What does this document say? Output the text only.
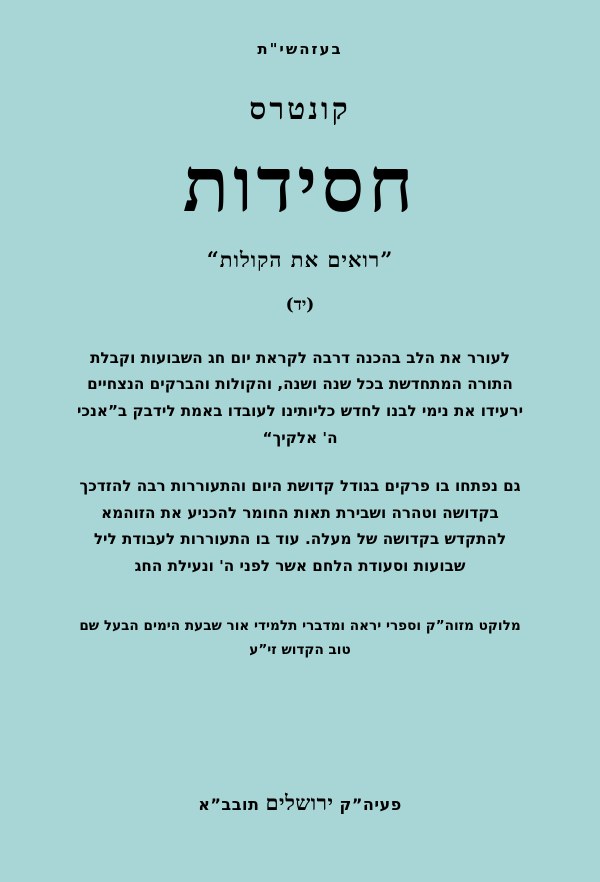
בעזהשי"ת
קונטרס
חסידות
”רואים את הקולות“
(יד)
לעורר את הלב בהכנה דרבה לקראת יום חג השבועות וקבלת התורה המתחדשת בכל שנה ושנה, והקולות והברקים הנצחיים ירעידו את נימי לבנו לחדש כליותינו לעובדו באמת לידבק ב”אנכי ה' אלקיך“
גם נפתחו בו פרקים בגודל קדושת היום והתעוררות רבה להזדכך בקדושה וטהרה ושבירת תאות החומר להכניע את הזוהמא להתקדש בקדושה של מעלה. עוד בו התעוררות לעבודת ליל שבועות וסעודת הלחם אשר לפני ה' ונעילת החג
מלוקט מזוה”ק וספרי יראה ומדברי תלמידי אור שבעת הימים הבעל שם טוב הקדוש זי”ע
פעיה”ק ירושלים תובב”א
